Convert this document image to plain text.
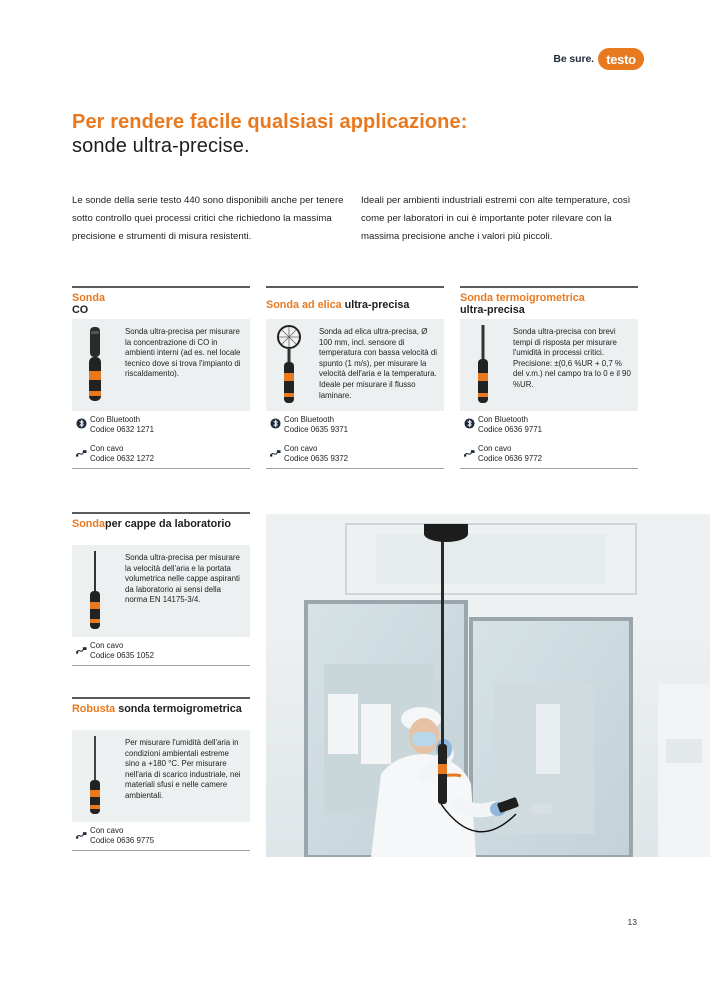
Be sure. testo
Per rendere facile qualsiasi applicazione:
sonde ultra-precise.

Le sonde della serie testo 440 sono disponibili anche per tenere sotto controllo quei processi critici che richiedono la massima precisione e strumenti di misura resistenti.

Ideali per ambienti industriali estremi con alte temperature, così come per laboratori in cui è importante poter rilevare con la massima precisione anche i valori più piccoli.

Sonda
CO

Sonda ultra-precisa per misurare la concentrazione di CO in ambienti interni (ad es. nel locale tecnico dove si trova l'impianto di riscaldamento).

Con Bluetooth
Codice 0632 1271
Con cavo
Codice 0632 1272
Sonda ad elica ultra-precisa

Sonda ad elica ultra-precisa, Ø 100 mm, incl. sensore di temperatura con bassa velocità di spunto (1 m/s), per misurare la velocità dell'aria e la temperatura. Ideale per misurare il flusso laminare.

Con Bluetooth
Codice 0635 9371
Con cavo
Codice 0635 9372
Sonda termoigrometrica
ultra-precisa

Sonda ultra-precisa con brevi tempi di risposta per misurare l'umidità in processi critici. Precisione: ±(0,6 %UR + 0,7 % del v.m.) nel campo tra lo 0 e il 90 %UR.

Con Bluetooth
Codice 0636 9771
Con cavo
Codice 0636 9772
Sondaper cappe da laboratorio

Sonda ultra-precisa per misurare la velocità dell'aria e la portata volumetrica nelle cappe aspiranti da laboratorio ai sensi della norma EN 14175-3/4.

Con cavo
Codice 0635 1052
Robusta sonda termoigrometrica

Per misurare l'umidità dell'aria in condizioni ambientali estreme sino a +180 °C. Per misurare nell'aria di scarico industriale, nei materiali sfusi e nelle camere ambientali.

Con cavo
Codice 0636 9775
13
